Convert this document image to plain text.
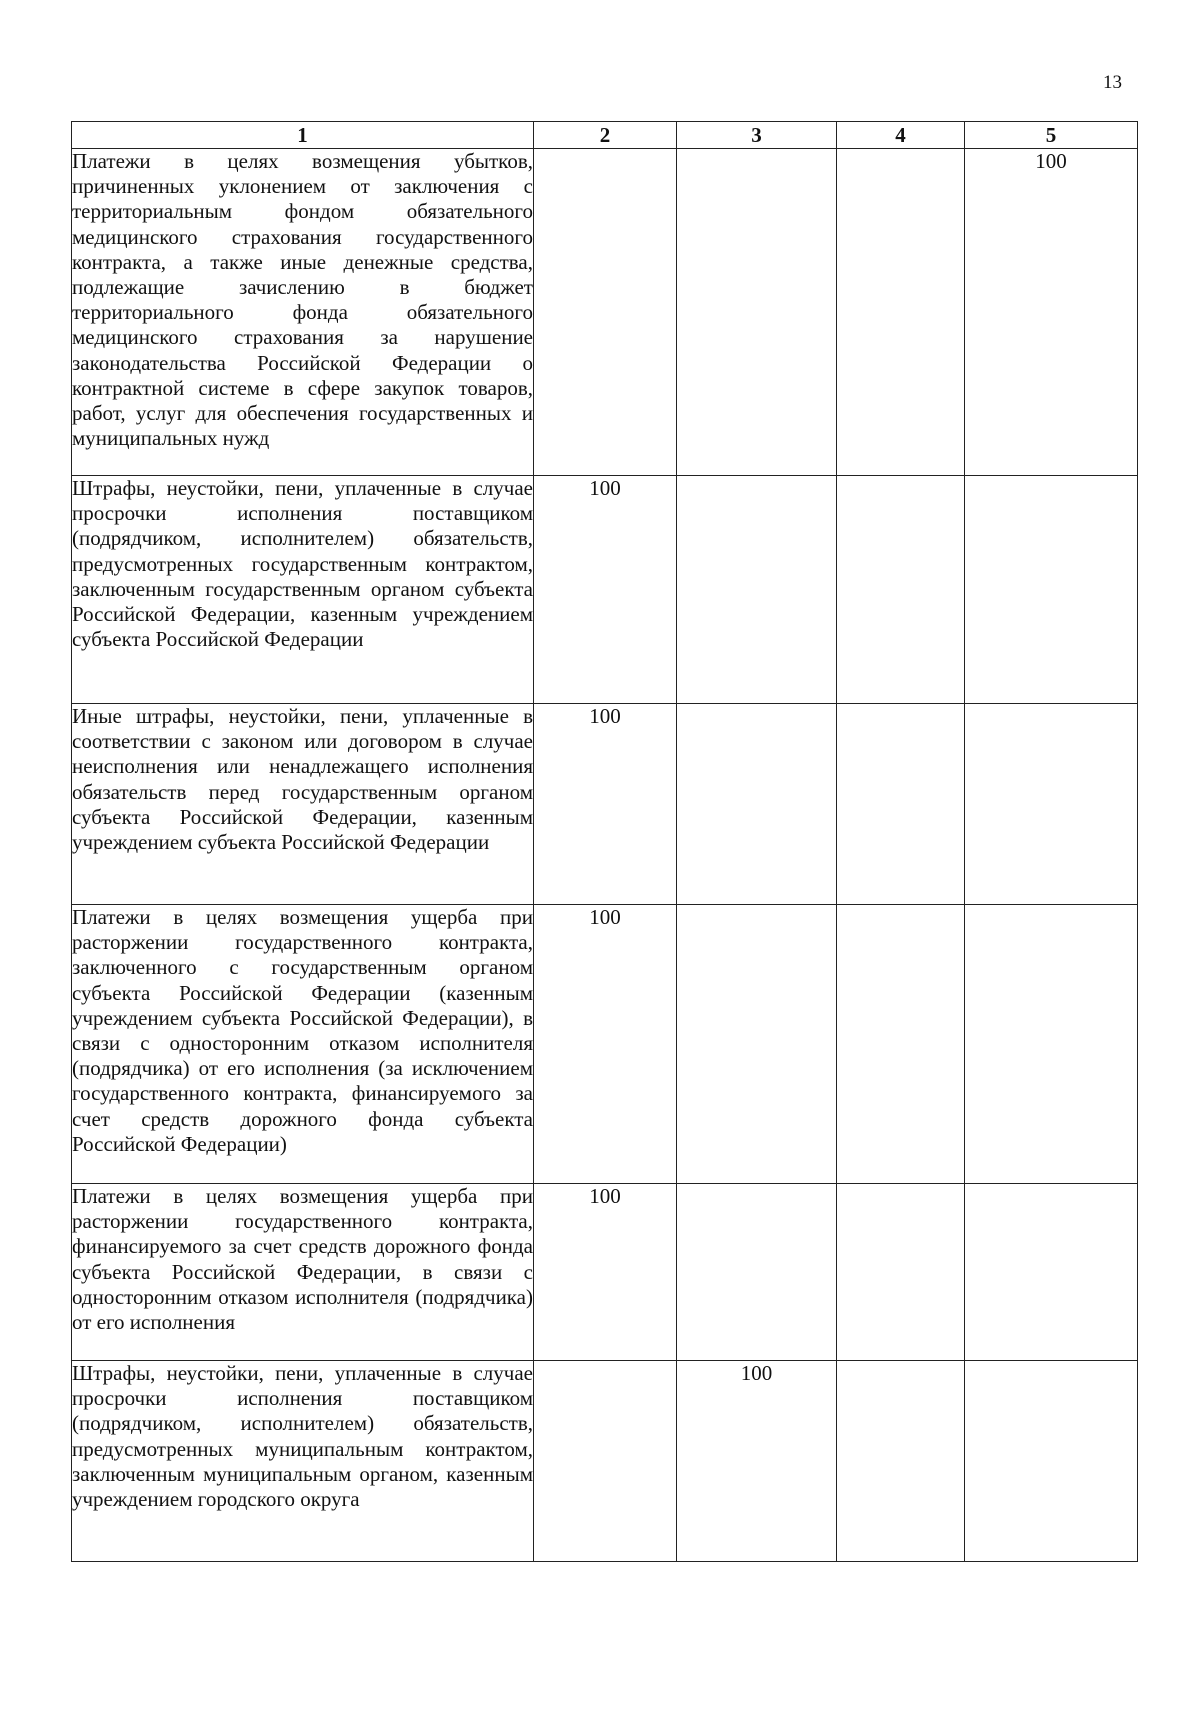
13
1	2	3	4	5
Платежи в целях возмещения убытков, причиненных уклонением от заключения с территориальным фондом обязательного медицинского страхования государственного контракта, а также иные денежные средства, подлежащие зачислению в бюджет территориального фонда обязательного медицинского страхования за нарушение законодательства Российской Федерации о контрактной системе в сфере закупок товаров, работ, услуг для обеспечения государственных и муниципальных нужд				100
Штрафы, неустойки, пени, уплаченные в случае просрочки исполнения поставщиком (подрядчиком, исполнителем) обязательств, предусмотренных государственным контрактом, заключенным государственным органом субъекта Российской Федерации, казенным учреждением субъекта Российской Федерации	100			
Иные штрафы, неустойки, пени, уплаченные в соответствии с законом или договором в случае неисполнения или ненадлежащего исполнения обязательств перед государственным органом субъекта Российской Федерации, казенным учреждением субъекта Российской Федерации	100			
Платежи в целях возмещения ущерба при расторжении государственного контракта, заключенного с государственным органом субъекта Российской Федерации (казенным учреждением субъекта Российской Федерации), в связи с односторонним отказом исполнителя (подрядчика) от его исполнения (за исключением государственного контракта, финансируемого за счет средств дорожного фонда субъекта Российской Федерации)	100			
Платежи в целях возмещения ущерба при расторжении государственного контракта, финансируемого за счет средств дорожного фонда субъекта Российской Федерации, в связи с односторонним отказом исполнителя (подрядчика) от его исполнения	100			
Штрафы, неустойки, пени, уплаченные в случае просрочки исполнения поставщиком (подрядчиком, исполнителем) обязательств, предусмотренных муниципальным контрактом, заключенным муниципальным органом, казенным учреждением городского округа		100		
